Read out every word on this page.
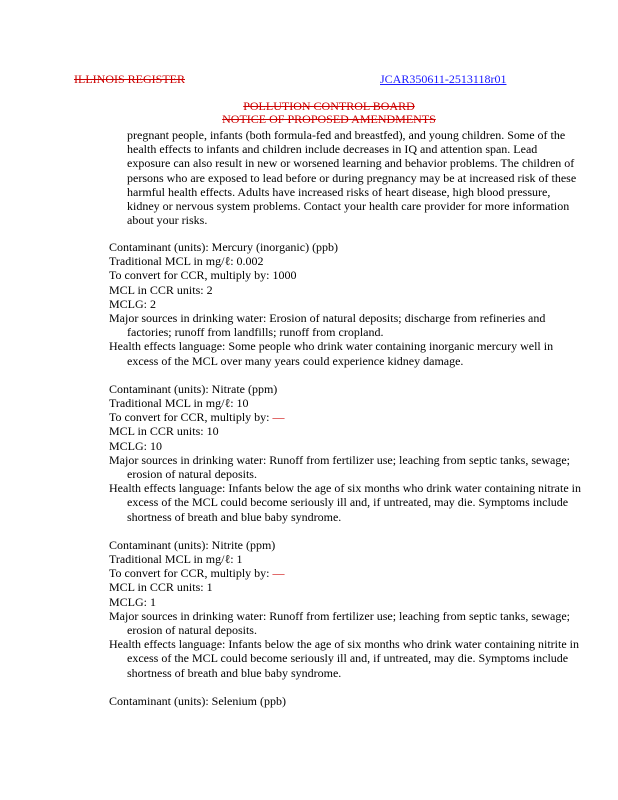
ILLINOIS REGISTER	JCAR350611-2513118r01
POLLUTION CONTROL BOARD
NOTICE OF PROPOSED AMENDMENTS
pregnant people, infants (both formula-fed and breastfed), and young children. Some of the health effects to infants and children include decreases in IQ and attention span. Lead exposure can also result in new or worsened learning and behavior problems. The children of persons who are exposed to lead before or during pregnancy may be at increased risk of these harmful health effects. Adults have increased risks of heart disease, high blood pressure, kidney or nervous system problems. Contact your health care provider for more information about your risks.
Contaminant (units): Mercury (inorganic) (ppb)
Traditional MCL in mg/ℓ: 0.002
To convert for CCR, multiply by: 1000
MCL in CCR units: 2
MCLG: 2
Major sources in drinking water: Erosion of natural deposits; discharge from refineries and factories; runoff from landfills; runoff from cropland.
Health effects language: Some people who drink water containing inorganic mercury well in excess of the MCL over many years could experience kidney damage.
Contaminant (units): Nitrate (ppm)
Traditional MCL in mg/ℓ: 10
To convert for CCR, multiply by: —
MCL in CCR units: 10
MCLG: 10
Major sources in drinking water: Runoff from fertilizer use; leaching from septic tanks, sewage; erosion of natural deposits.
Health effects language: Infants below the age of six months who drink water containing nitrate in excess of the MCL could become seriously ill and, if untreated, may die. Symptoms include shortness of breath and blue baby syndrome.
Contaminant (units): Nitrite (ppm)
Traditional MCL in mg/ℓ: 1
To convert for CCR, multiply by: —
MCL in CCR units: 1
MCLG: 1
Major sources in drinking water: Runoff from fertilizer use; leaching from septic tanks, sewage; erosion of natural deposits.
Health effects language: Infants below the age of six months who drink water containing nitrite in excess of the MCL could become seriously ill and, if untreated, may die. Symptoms include shortness of breath and blue baby syndrome.
Contaminant (units): Selenium (ppb)
